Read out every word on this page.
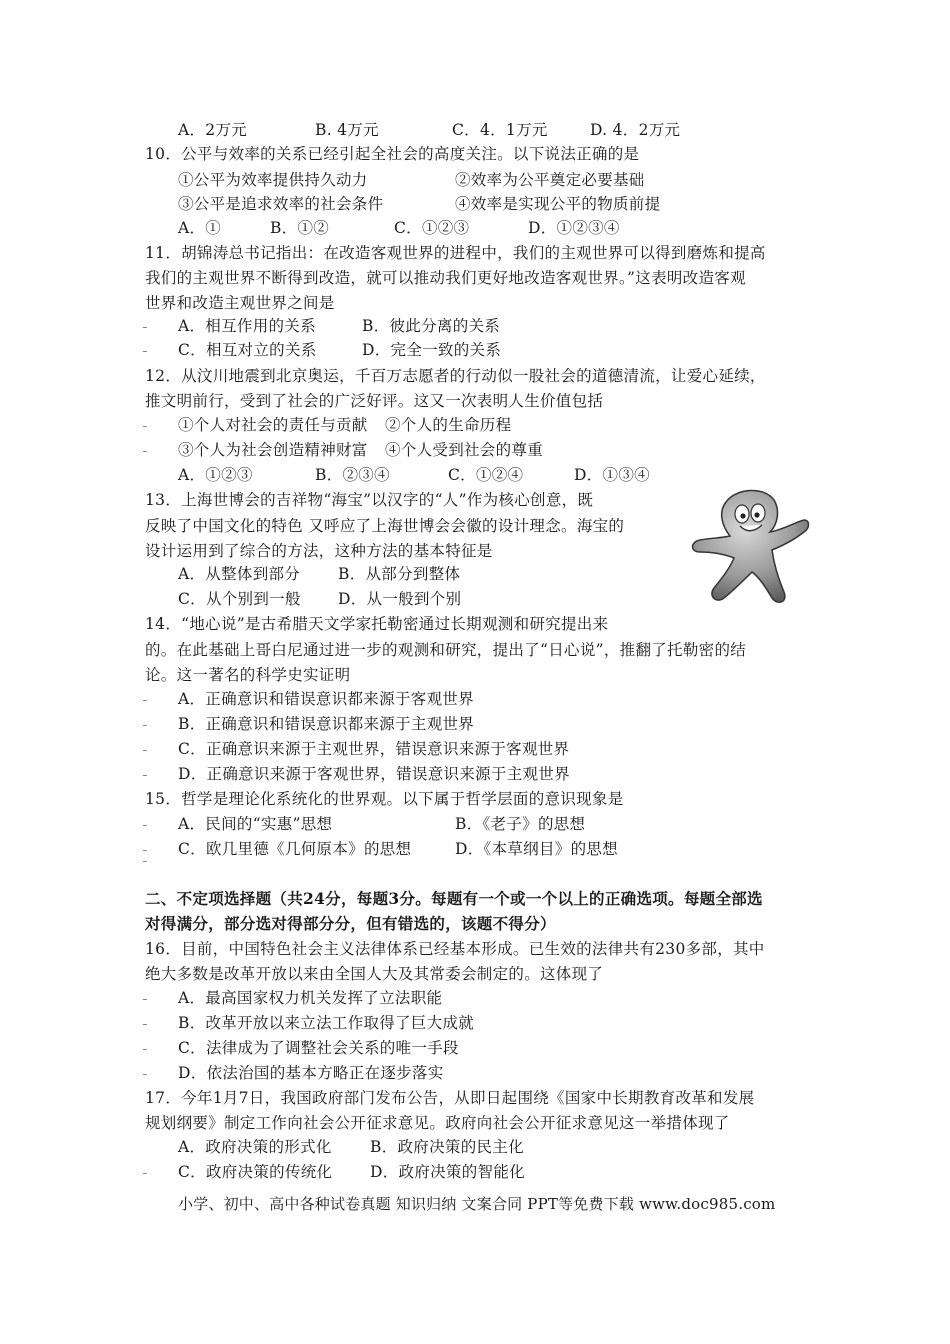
A．2万元	B. 4万元	C．4．1万元	D. 4．2万元
10．公平与效率的关系已经引起全社会的高度关注。以下说法正确的是
①公平为效率提供持久动力	②效率为公平奠定必要基础
③公平是追求效率的社会条件	④效率是实现公平的物质前提
A．①	B．①②	C．①②③	D．①②③④
11．胡锦涛总书记指出：在改造客观世界的进程中，我们的主观世界可以得到磨炼和提高
我们的主观世界不断得到改造，就可以推动我们更好地改造客观世界。”这表明改造客观
世界和改造主观世界之间是
A．相互作用的关系	B．彼此分离的关系
C．相互对立的关系	D．完全一致的关系
12．从汶川地震到北京奥运，千百万志愿者的行动似一股社会的道德清流，让爱心延续，
推文明前行，受到了社会的广泛好评。这又一次表明人生价值包括
①个人对社会的责任与贡献 ②个人的生命历程
③个人为社会创造精神财富 ④个人受到社会的尊重
A．①②③	B．②③④	C．①②④	D．①③④
13．上海世博会的吉祥物“海宝”以汉字的“人”作为核心创意，既
反映了中国文化的特色 又呼应了上海世博会会徽的设计理念。海宝的
设计运用到了综合的方法，这种方法的基本特征是
A．从整体到部分 B．从部分到整体
C．从个别到一般 D．从一般到个别
14．“地心说”是古希腊天文学家托勒密通过长期观测和研究提出来
的。在此基础上哥白尼通过进一步的观测和研究，提出了“日心说”，推翻了托勒密的结
论。这一著名的科学史实证明
A．正确意识和错误意识都来源于客观世界
B．正确意识和错误意识都来源于主观世界
C．正确意识来源于主观世界，错误意识来源于客观世界
D．正确意识来源于客观世界，错误意识来源于主观世界
15．哲学是理论化系统化的世界观。以下属于哲学层面的意识现象是
A．民间的“实惠”思想	B．《老子》的思想
C．欧几里德《几何原本》的思想	D．《本草纲目》的思想
二、不定项选择题（共24分，每题3分。每题有一个或一个以上的正确选项。每题全部选
对得满分，部分选对得部分分，但有错选的，该题不得分）
16．目前，中国特色社会主义法律体系已经基本形成。已生效的法律共有230多部，其中
绝大多数是改革开放以来由全国人大及其常委会制定的。这体现了
A．最高国家权力机关发挥了立法职能
B．改革开放以来立法工作取得了巨大成就
C．法律成为了调整社会关系的唯一手段
D．依法治国的基本方略正在逐步落实
17．今年1月7日，我国政府部门发布公告，从即日起围绕《国家中长期教育改革和发展
规划纲要》制定工作向社会公开征求意见。政府向社会公开征求意见这一举措体现了
A．政府决策的形式化 B．政府决策的民主化
C．政府决策的传统化 D．政府决策的智能化
小学、初中、高中各种试卷真题 知识归纳 文案合同 PPT等免费下载 www.doc985.com
